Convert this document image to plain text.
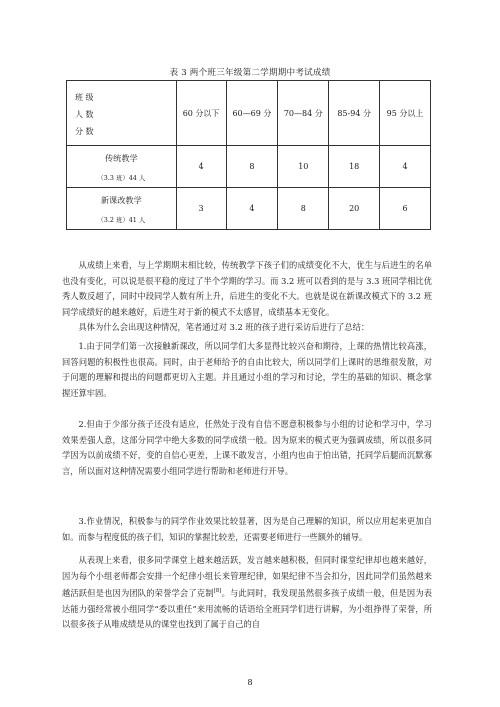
表 3 两个班三年级第二学期期中考试成绩
班 级
人 数
分 数	60 分以下	60—69 分	70—84 分	85-94 分	95 分以上

传统教学
（3.3 班）44 人	4	8	10	18	4

新课改教学
（3.2 班）41 人	3	4	8	20	6

从成绩上来看，与上学期期末相比较，传统教学下孩子们的成绩变化不大，优生与后进生的名单也没有变化，可以说是很平稳的度过了半个学期的学习。而 3.2 班可以看到的是与 3.3 班同学相比优秀人数反超了，同时中段同学人数有所上升，后进生的变化不大。也就是说在新课改模式下的 3.2 班同学成绩好的越来越好，后进生对于新的模式不太感冒，成绩基本无变化。

具体为什么会出现这种情况，笔者通过对 3.2 班的孩子进行采访后进行了总结：

1.由于同学们第一次接触新课改，所以同学们大多显得比较兴奋和期待，上课的热情比较高涨，回答问题的积极性也很高。同时，由于老师给予的自由比较大，所以同学们上课时的思维很发散，对于问题的理解和提出的问题都更切入主题。并且通过小组的学习和讨论，学生的基础的知识、概念掌握还算牢固。

2.但由于少部分孩子还没有适应，任然处于没有自信不愿意积极参与小组的讨论和学习中，学习效果差强人意，这部分同学中绝大多数的同学成绩一般。因为原来的模式更为强调成绩，所以很多同学因为以前成绩不好，变的自信心更差，上课不敢发言，小组内也由于怕出错，托同学后腿而沉默寡言，所以面对这种情况需要小组同学进行帮助和老师进行开导。

3.作业情况，积极参与的同学作业效果比较显著，因为是自己理解的知识，所以应用起来更加自如。而参与程度低的孩子们，知识的掌握比较差，还需要老师进行一些额外的辅导。

从表现上来看，很多同学课堂上越来越活跃，发言越来越积极，但同时课堂纪律却也越来越好，因为每个小组老师都会安排一个纪律小组长来管理纪律，如果纪律不当会扣分，因此同学们虽然越来越活跃但是也因为团队的荣誉学会了克制[8]。与此同时，我发现虽然很多孩子成绩一般，但是因为表达能力强经常被小组同学“委以重任”来用流畅的话语给全班同学们进行讲解，为小组挣得了荣誉，所以很多孩子从唯成绩是从的课堂也找到了属于自己的自

8
